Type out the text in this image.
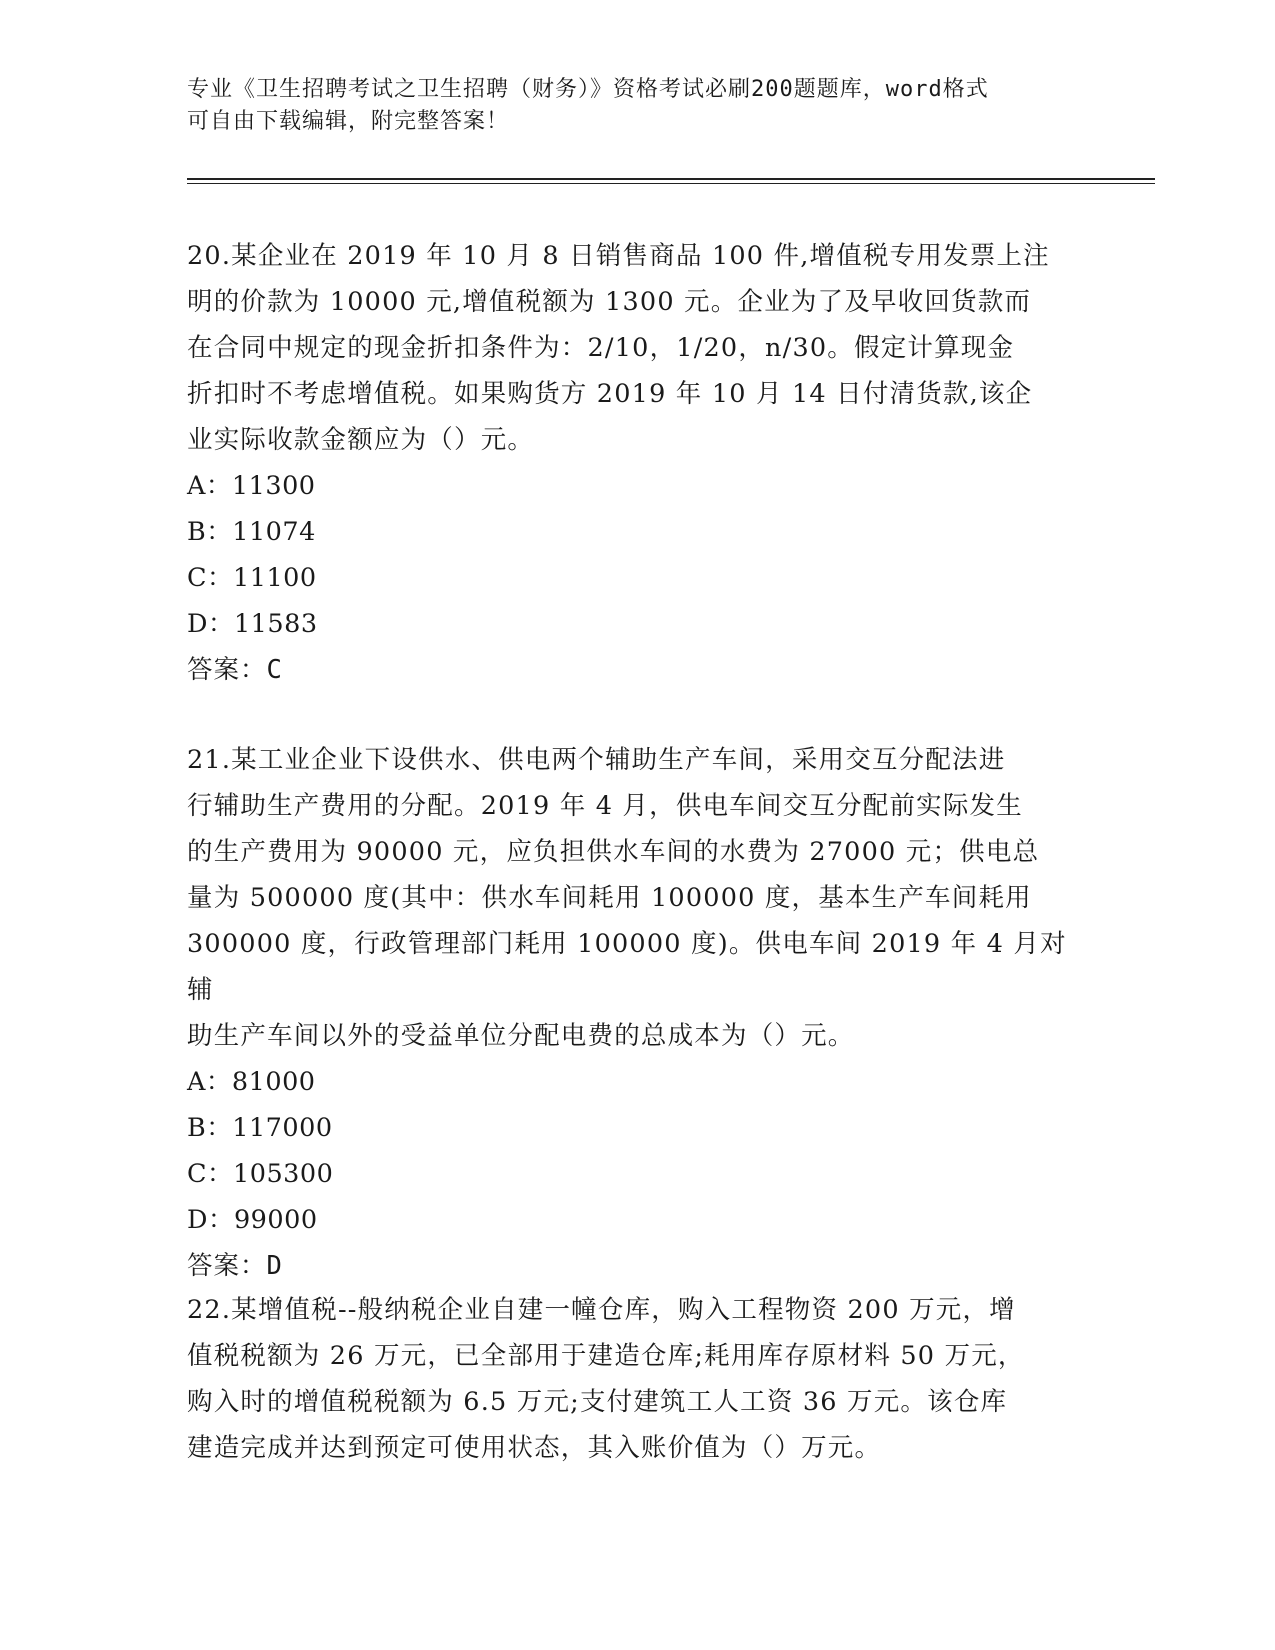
专业《卫生招聘考试之卫生招聘（财务）》资格考试必刷200题题库，word格式
可自由下载编辑，附完整答案！

20.某企业在 2019 年 10 月 8 日销售商品 100 件,增值税专用发票上注
明的价款为 10000 元,增值税额为 1300 元。企业为了及早收回货款而
在合同中规定的现金折扣条件为：2/10，1/20，n/30。假定计算现金
折扣时不考虑增值税。如果购货方 2019 年 10 月 14 日付清货款,该企
业实际收款金额应为（）元。

A：11300
B：11074
C：11100
D：11583
答案：C

21.某工业企业下设供水、供电两个辅助生产车间，采用交互分配法进
行辅助生产费用的分配。2019 年 4 月，供电车间交互分配前实际发生
的生产费用为 90000 元，应负担供水车间的水费为 27000 元；供电总
量为 500000 度(其中：供水车间耗用 100000 度，基本生产车间耗用
300000 度，行政管理部门耗用 100000 度)。供电车间 2019 年 4 月对辅
助生产车间以外的受益单位分配电费的总成本为（）元。

A：81000
B：117000
C：105300
D：99000
答案：D

22.某增值税--般纳税企业自建一幢仓库，购入工程物资 200 万元，增
值税税额为 26 万元，已全部用于建造仓库;耗用库存原材料 50 万元，
购入时的增值税税额为 6.5 万元;支付建筑工人工资 36 万元。该仓库
建造完成并达到预定可使用状态，其入账价值为（）万元。
